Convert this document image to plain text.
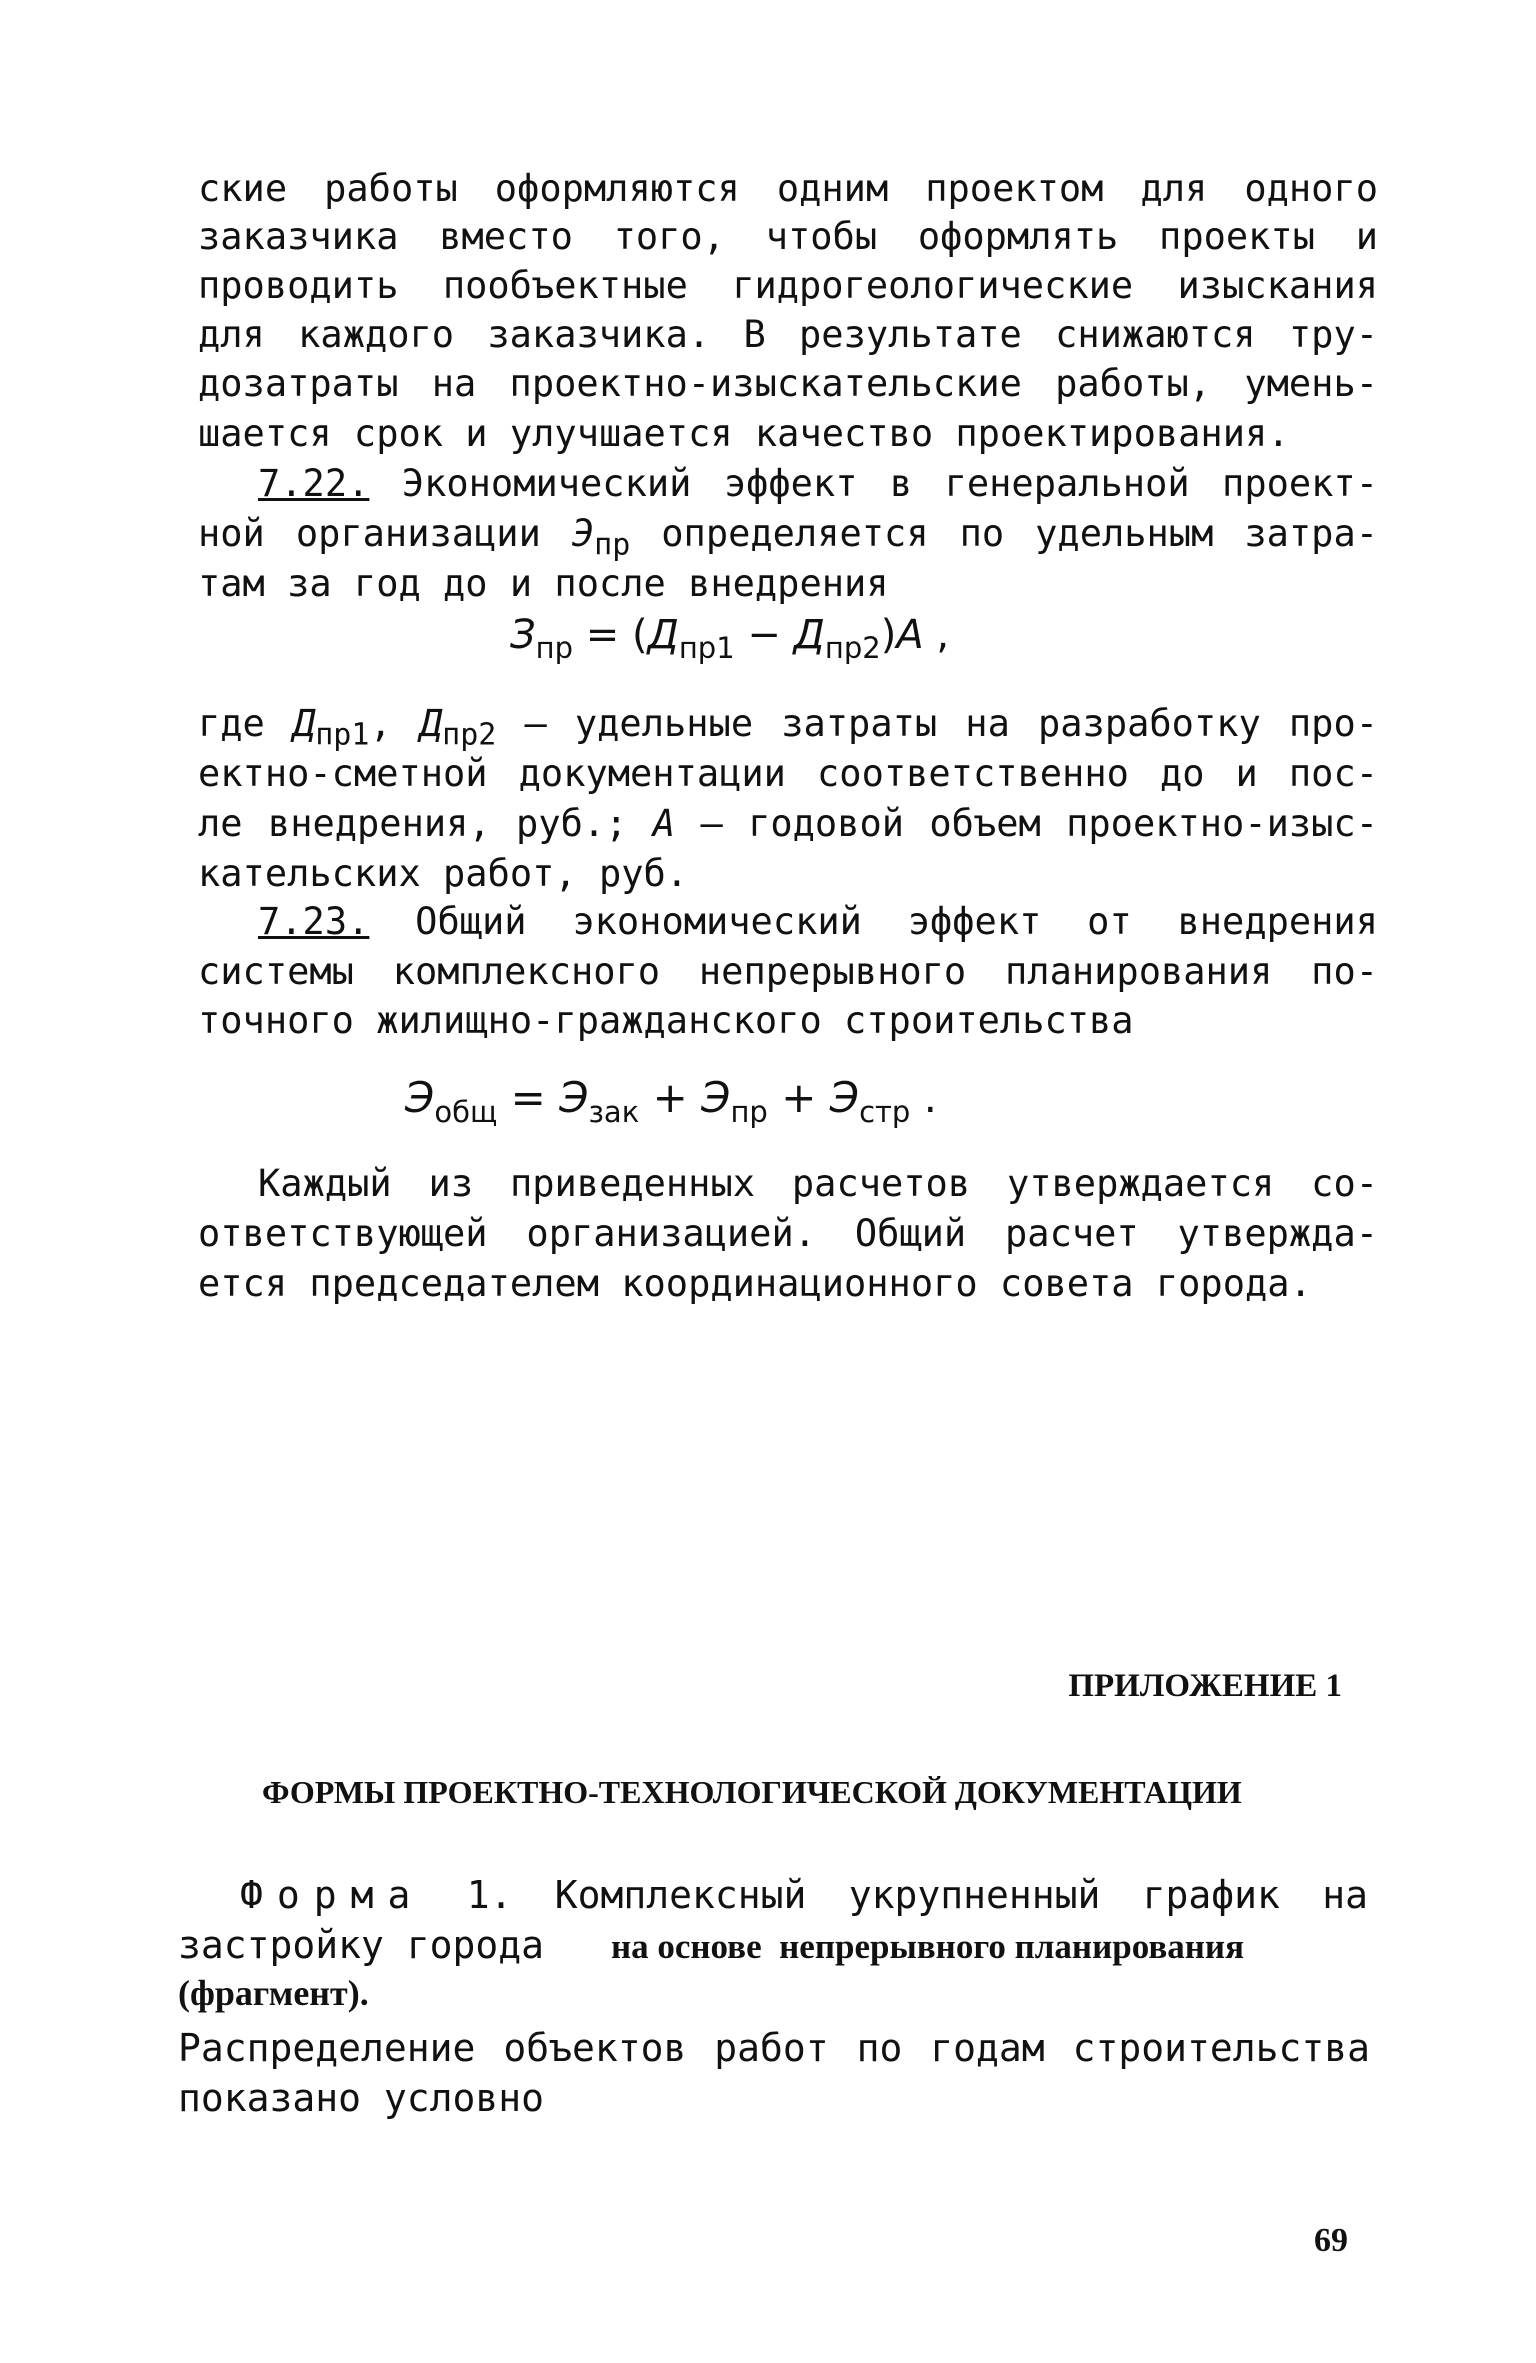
ские работы оформляются одним проектом для одного
заказчика вместо того, чтобы оформлять проекты и
проводить пообъектные гидрогеологические изыскания
для каждого заказчика. В результате снижаются тру-
дозатраты на проектно-изыскательские работы, умень-
шается срок и улучшается качество проектирования.
7.22. Экономический эффект в генеральной проект-
ной организации $Э_{пр}$ определяется по удельным затра-
там за год до и после внедрения
$З_{пр} = (Д_{пр1} - Д_{пр2})А$ ,
где $Д_{пр1}$, $Д_{пр2}$ – удельные затраты на разработку про-
ектно-сметной документации соответственно до и пос-
ле внедрения, руб.; А – годовой объем проектно-изыс-
кательских работ, руб.
7.23. Общий экономический эффект от внедрения
системы комплексного непрерывного планирования по-
точного жилищно-гражданского строительства
$Э_{общ} = Э_{зак} + Э_{пр} + Э_{стр}$ .
Каждый из приведенных расчетов утверждается со-
ответствующей организацией. Общий расчет утвержда-
ется председателем координационного совета города.
ПРИЛОЖЕНИЕ 1
ФОРМЫ ПРОЕКТНО-ТЕХНОЛОГИЧЕСКОЙ ДОКУМЕНТАЦИИ
Форма 1. Комплексный укрупненный график на
застройку города на основе  непрерывного планирования
(фрагмент).
Распределение объектов работ по годам строительства
показано условно
69
